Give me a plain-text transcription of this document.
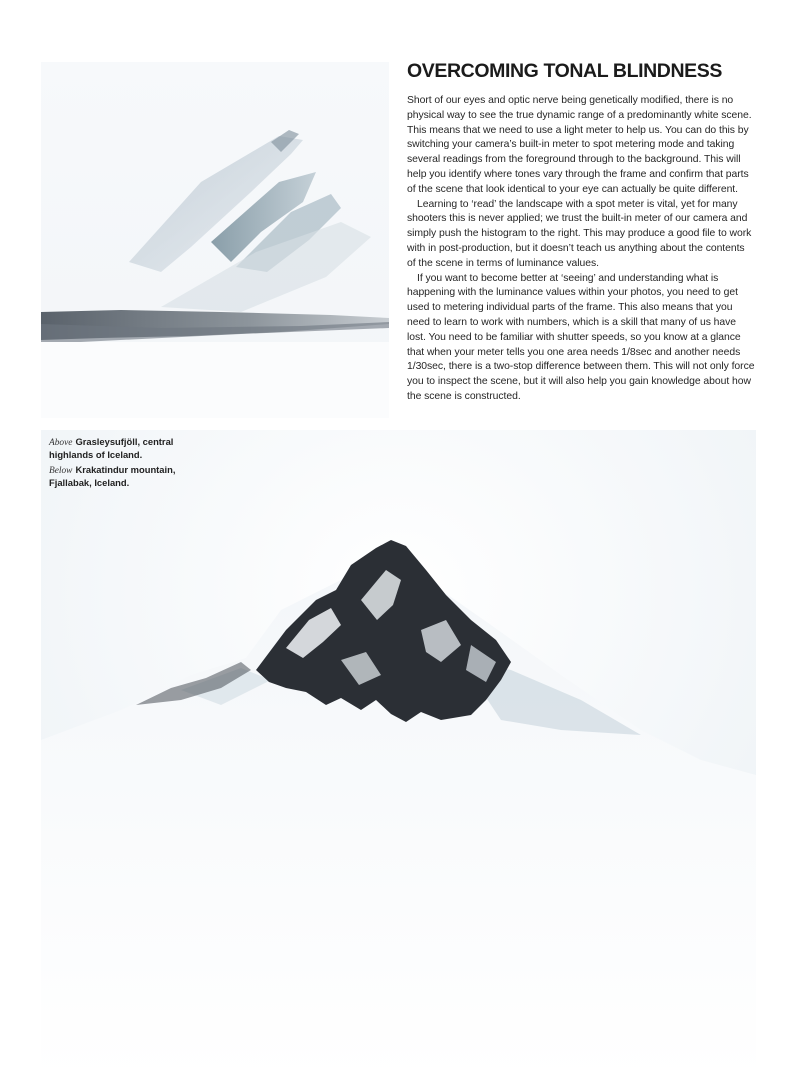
OVERCOMING TONAL BLINDNESS

Short of our eyes and optic nerve being genetically modified, there is no physical way to see the true dynamic range of a predominantly white scene. This means that we need to use a light meter to help us. You can do this by switching your camera’s built-in meter to spot metering mode and taking several readings from the foreground through to the background. This will help you identify where tones vary through the frame and confirm that parts of the scene that look identical to your eye can actually be quite different.

Learning to ‘read’ the landscape with a spot meter is vital, yet for many shooters this is never applied; we trust the built-in meter of our camera and simply push the histogram to the right. This may produce a good file to work with in post-production, but it doesn’t teach us anything about the contents of the scene in terms of luminance values.

If you want to become better at ‘seeing’ and understanding what is happening with the luminance values within your photos, you need to get used to metering individual parts of the frame. This also means that you need to learn to work with numbers, which is a skill that many of us have lost. You need to be familiar with shutter speeds, so you know at a glance that when your meter tells you one area needs 1/8sec and another needs 1/30sec, there is a two-stop difference between them. This will not only force you to inspect the scene, but it will also help you gain knowledge about how the scene is constructed.

Above Grasleysufjöll, central highlands of Iceland.

Below Krakatindur mountain, Fjallabak, Iceland.
